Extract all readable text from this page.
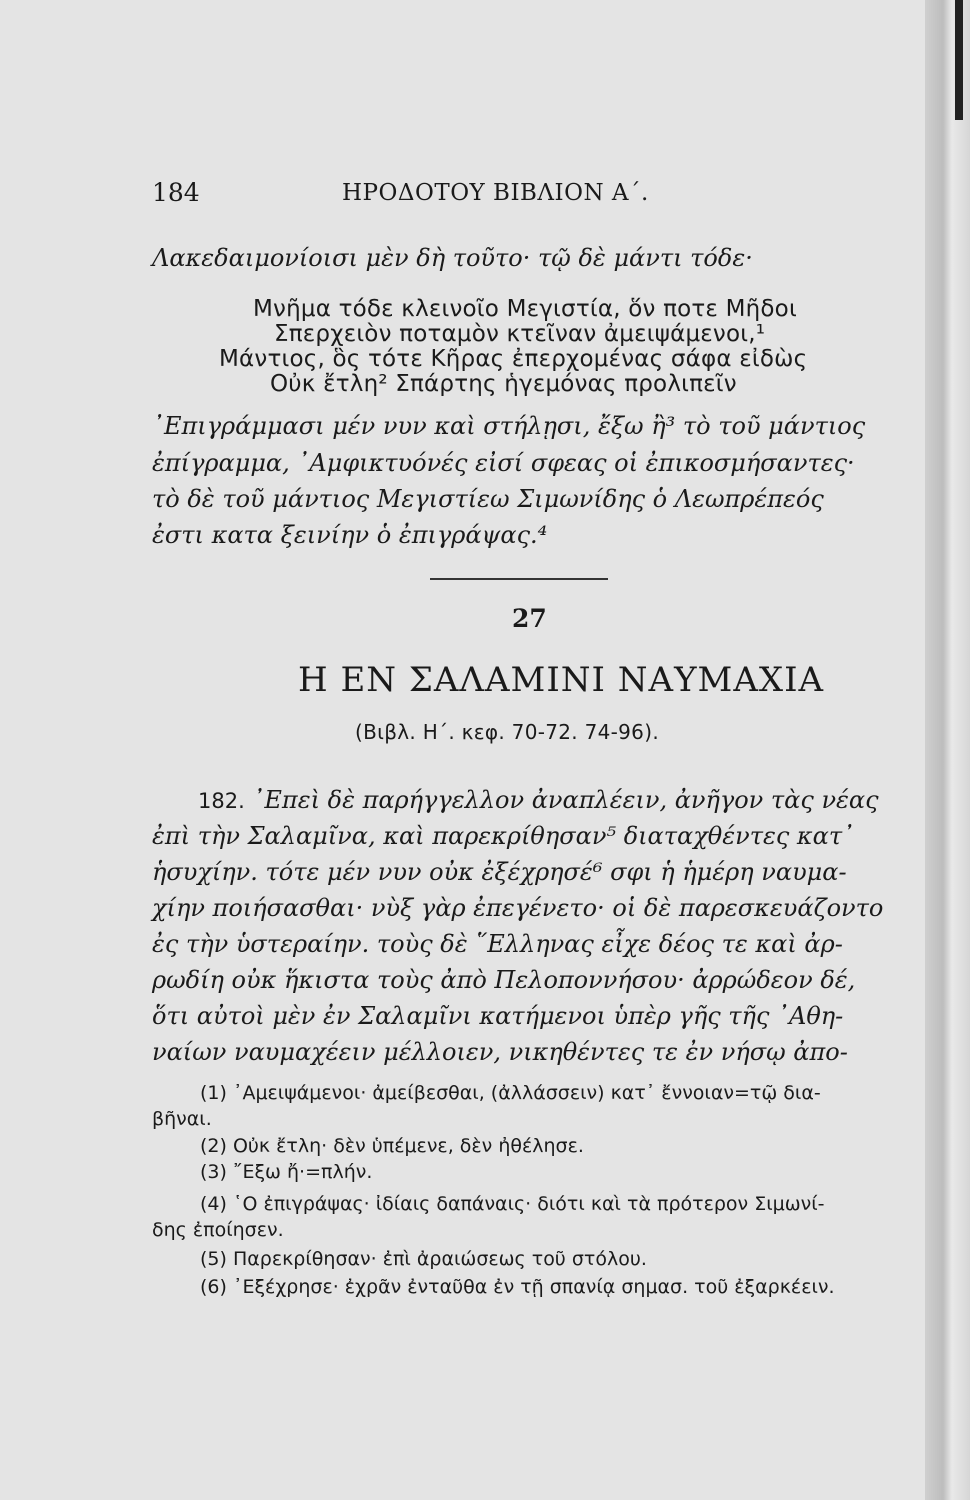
184	ΗΡΟΔΟΤΟΥ ΒΙΒΛΙΟΝ Α΄.
Λακεδαιμονίοισι μὲν δὴ τοῦτο· τῷ δὲ μάντι τόδε·
Μνῆμα τόδε κλεινοῖο Μεγιστία, ὅν ποτε Μῆδοι
Σπερχειὸν ποταμὸν κτεῖναν ἀμειψάμενοι,¹
Μάντιος, ὃς τότε Κῆρας ἐπερχομένας σάφα εἰδὼς
Οὐκ ἔτλη² Σπάρτης ἡγεμόνας προλιπεῖν
᾿Επιγράμμασι μέν νυν καὶ στήλῃσι, ἔξω ἢ³ τὸ τοῦ μάντιος
ἐπίγραμμα, ᾿Αμφικτυόνές εἰσί σφεας οἱ ἐπικοσμήσαντες·
τὸ δὲ τοῦ μάντιος Μεγιστίεω Σιμωνίδης ὁ Λεωπρέπεός
ἐστι κατα ξεινίην ὁ ἐπιγράψας.⁴
27
Η ΕΝ ΣΑΛΑΜΙΝΙ ΝΑΥΜΑΧΙΑ
(Βιβλ. Η΄. κεφ. 70-72. 74-96).
182. ᾿Επεὶ δὲ παρήγγελλον ἀναπλέειν, ἀνῆγον τὰς νέας
ἐπὶ τὴν Σαλαμῖνα, καὶ παρεκρίθησαν⁵ διαταχθέντες κατ᾿
ἡσυχίην. τότε μέν νυν οὐκ ἐξέχρησέ⁶ σφι ἡ ἡμέρη ναυμα-
χίην ποιήσασθαι· νὺξ γὰρ ἐπεγένετο· οἱ δὲ παρεσκευάζοντο
ἐς τὴν ὑστεραίην. τοὺς δὲ ῞Ελληνας εἶχε δέος τε καὶ ἀρ-
ρωδίη οὐκ ἥκιστα τοὺς ἀπὸ Πελοποννήσου· ἀρρώδεον δέ,
ὅτι αὐτοὶ μὲν ἐν Σαλαμῖνι κατήμενοι ὑπὲρ γῆς τῆς ᾿Αθη-
ναίων ναυμαχέειν μέλλοιεν, νικηθέντες τε ἐν νήσῳ ἀπο-
(1) ᾿Αμειψάμενοι· ἀμείβεσθαι, (ἀλλάσσειν) κατ᾿ ἔννοιαν=τῷ δια-
βῆναι.
(2) Οὐκ ἔτλη· δὲν ὑπέμενε, δὲν ἠθέλησε.
(3) ῎Εξω ἤ·=πλήν.
(4) ῾Ο ἐπιγράψας· ἰδίαις δαπάναις· διότι καὶ τὰ πρότερον Σιμωνί-
δης ἐποίησεν.
(5) Παρεκρίθησαν· ἐπὶ ἀραιώσεως τοῦ στόλου.
(6) ᾿Εξέχρησε· ἐχρᾶν ἐνταῦθα ἐν τῇ σπανίᾳ σημασ. τοῦ ἐξαρκέειν.
